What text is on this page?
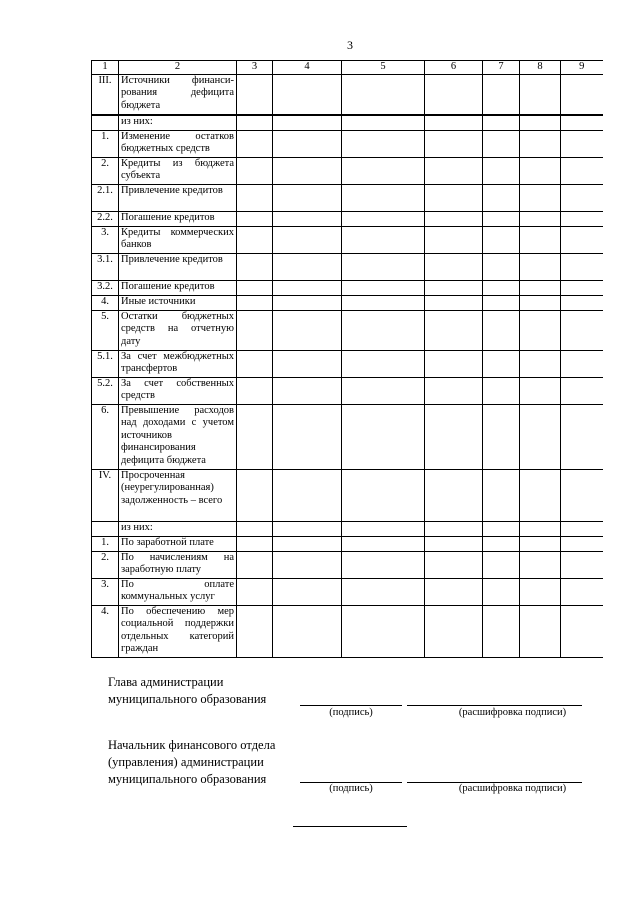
3
1	2	3	4	5	6	7	8	9
III.	Источники финанси-рования дефицита бюджета							
	из них:							
1.	Изменение остатков бюджетных средств							
2.	Кредиты из бюджета субъекта							
2.1.	Привлечение кредитов							
2.2.	Погашение кредитов							
3.	Кредиты коммерческих банков							
3.1.	Привлечение кредитов							
3.2.	Погашение кредитов							
4.	Иные источники							
5.	Остатки бюджетных средств на отчетную дату							
5.1.	За счет межбюджетных трансфертов							
5.2.	За счет собственных средств							
6.	Превышение расходов над доходами с учетом источников финансирования дефицита бюджета							
IV.	Просроченная (неурегулированная) задолженность – всего							
	из них:							
1.	По заработной плате							
2.	По начислениям на заработную плату							
3.	По оплате коммунальных услуг							
4.	По обеспечению мер социальной поддержки отдельных категорий граждан							
Глава администрации
муниципального образования
(подпись)	(расшифровка подписи)
Начальник финансового отдела
(управления) администрации
муниципального образования
(подпись)	(расшифровка подписи)
